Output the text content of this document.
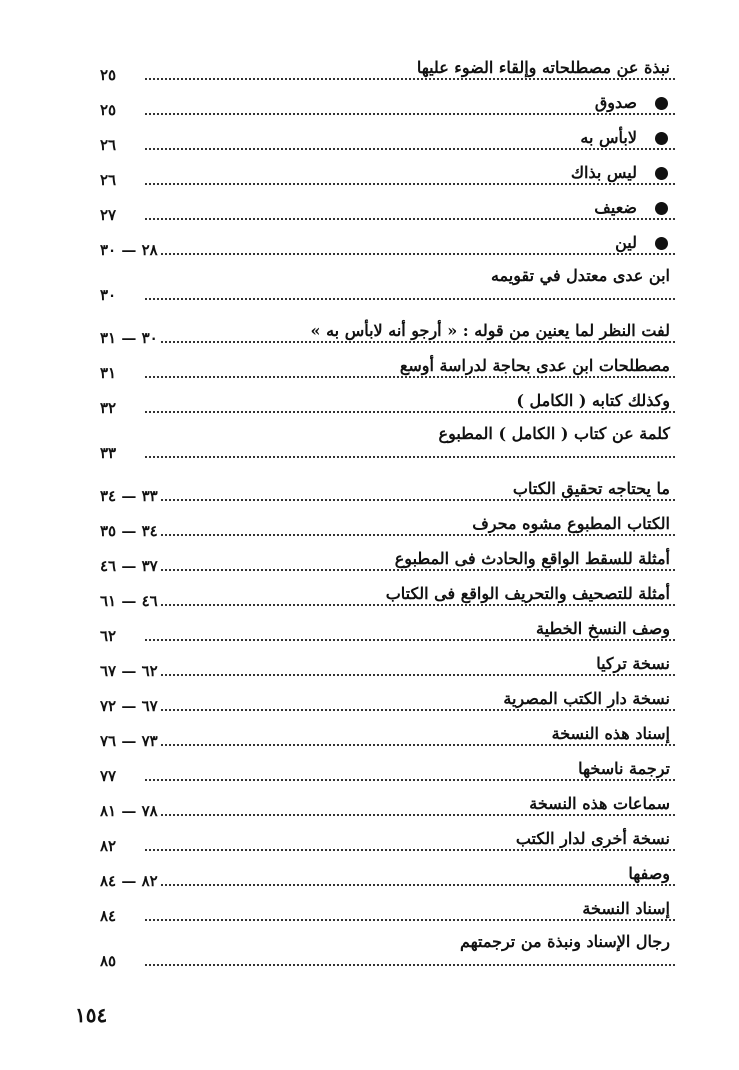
نبذة عن مصطلحاته وإلقاء الضوء عليها
٢٥
صدوق
٢٥
لابأس به
٢٦
ليس بذاك
٢٦
ضعيف
٢٧
لين
٢٨ — ٣٠
ابن عدى معتدل في تقويمه
٣٠
لفت النظر لما يعنين من قوله : « أرجو أنه لابأس به »
٣٠ — ٣١
مصطلحات ابن عدى بحاجة لدراسة أوسع
٣١
وكذلك كتابه ( الكامل )
٣٢
كلمة عن كتاب ( الكامل ) المطبوع
٣٣
ما يحتاجه تحقيق الكتاب
٣٣ — ٣٤
الكتاب المطبوع مشوه محرف
٣٤ — ٣٥
أمثلة للسقط الواقع والحادث فى المطبوع
٣٧ — ٤٦
أمثلة للتصحيف والتحريف الواقع فى الكتاب
٤٦ — ٦١
وصف النسخ الخطية
٦٢
نسخة تركيا
٦٢ — ٦٧
نسخة دار الكتب المصرية
٦٧ — ٧٢
إسناد هذه النسخة
٧٣ — ٧٦
ترجمة ناسخها
٧٧
سماعات هذه النسخة
٧٨ — ٨١
نسخة أخرى لدار الكتب
٨٢
وصفها
٨٢ — ٨٤
إسناد النسخة
٨٤
رجال الإسناد ونبذة من ترجمتهم
٨٥
١٥٤
